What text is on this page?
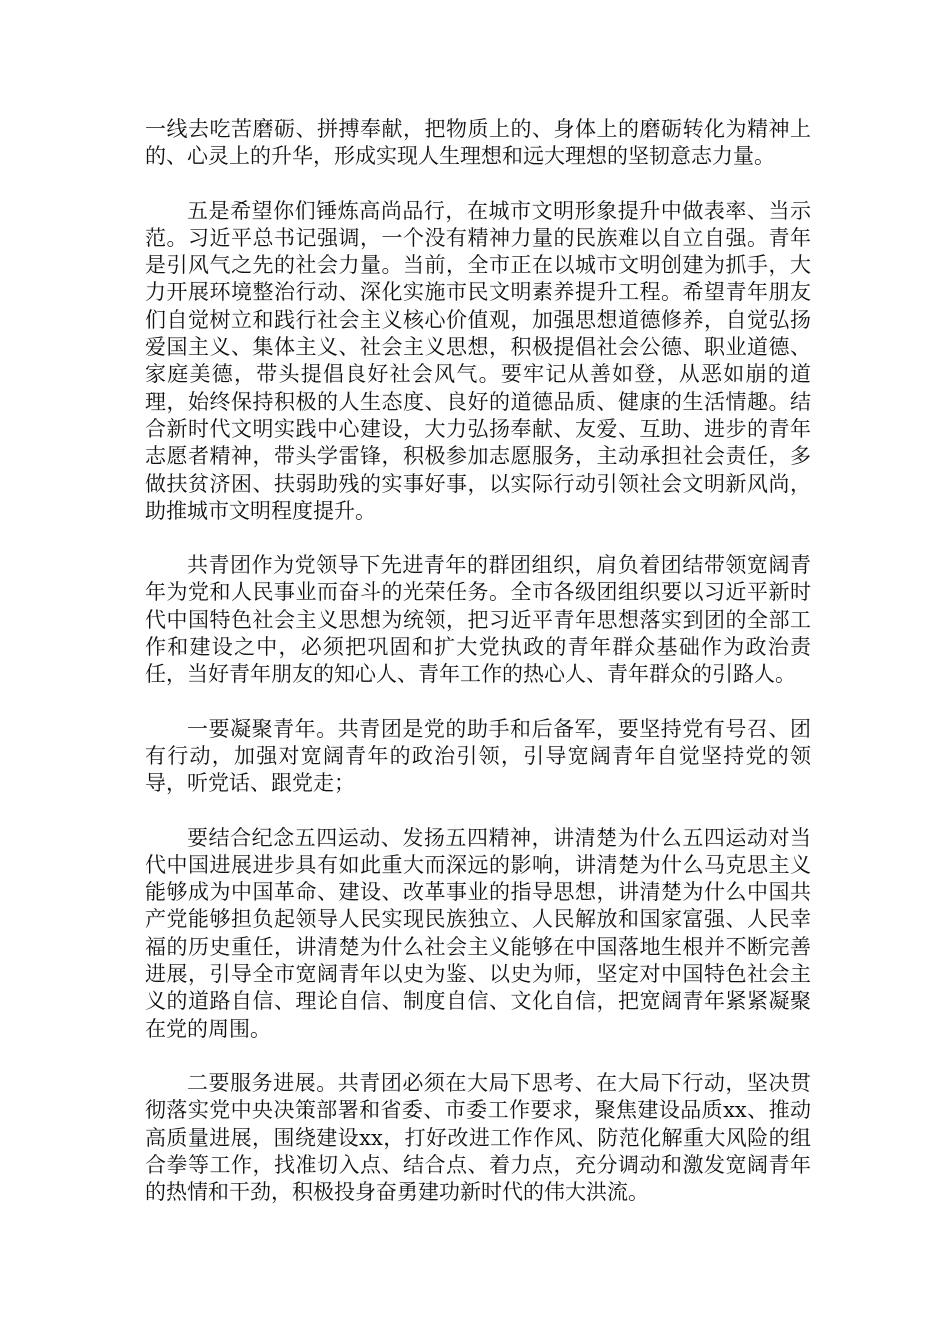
一线去吃苦磨砺、拼搏奉献，把物质上的、身体上的磨砺转化为精神上的、心灵上的升华，形成实现人生理想和远大理想的坚韧意志力量。

五是希望你们锤炼高尚品行，在城市文明形象提升中做表率、当示范。习近平总书记强调，一个没有精神力量的民族难以自立自强。青年是引风气之先的社会力量。当前，全市正在以城市文明创建为抓手，大力开展环境整治行动、深化实施市民文明素养提升工程。希望青年朋友们自觉树立和践行社会主义核心价值观，加强思想道德修养，自觉弘扬爱国主义、集体主义、社会主义思想，积极提倡社会公德、职业道德、家庭美德，带头提倡良好社会风气。要牢记从善如登，从恶如崩的道理，始终保持积极的人生态度、良好的道德品质、健康的生活情趣。结合新时代文明实践中心建设，大力弘扬奉献、友爱、互助、进步的青年志愿者精神，带头学雷锋，积极参加志愿服务，主动承担社会责任，多做扶贫济困、扶弱助残的实事好事，以实际行动引领社会文明新风尚，助推城市文明程度提升。

共青团作为党领导下先进青年的群团组织，肩负着团结带领宽阔青年为党和人民事业而奋斗的光荣任务。全市各级团组织要以习近平新时代中国特色社会主义思想为统领，把习近平青年思想落实到团的全部工作和建设之中，必须把巩固和扩大党执政的青年群众基础作为政治责任，当好青年朋友的知心人、青年工作的热心人、青年群众的引路人。

一要凝聚青年。共青团是党的助手和后备军，要坚持党有号召、团有行动，加强对宽阔青年的政治引领，引导宽阔青年自觉坚持党的领导，听党话、跟党走；

要结合纪念五四运动、发扬五四精神，讲清楚为什么五四运动对当代中国进展进步具有如此重大而深远的影响，讲清楚为什么马克思主义能够成为中国革命、建设、改革事业的指导思想，讲清楚为什么中国共产党能够担负起领导人民实现民族独立、人民解放和国家富强、人民幸福的历史重任，讲清楚为什么社会主义能够在中国落地生根并不断完善进展，引导全市宽阔青年以史为鉴、以史为师，坚定对中国特色社会主义的道路自信、理论自信、制度自信、文化自信，把宽阔青年紧紧凝聚在党的周围。

二要服务进展。共青团必须在大局下思考、在大局下行动，坚决贯彻落实党中央决策部署和省委、市委工作要求，聚焦建设品质xx、推动高质量进展，围绕建设xx，打好改进工作作风、防范化解重大风险的组合拳等工作，找准切入点、结合点、着力点，充分调动和激发宽阔青年的热情和干劲，积极投身奋勇建功新时代的伟大洪流。
